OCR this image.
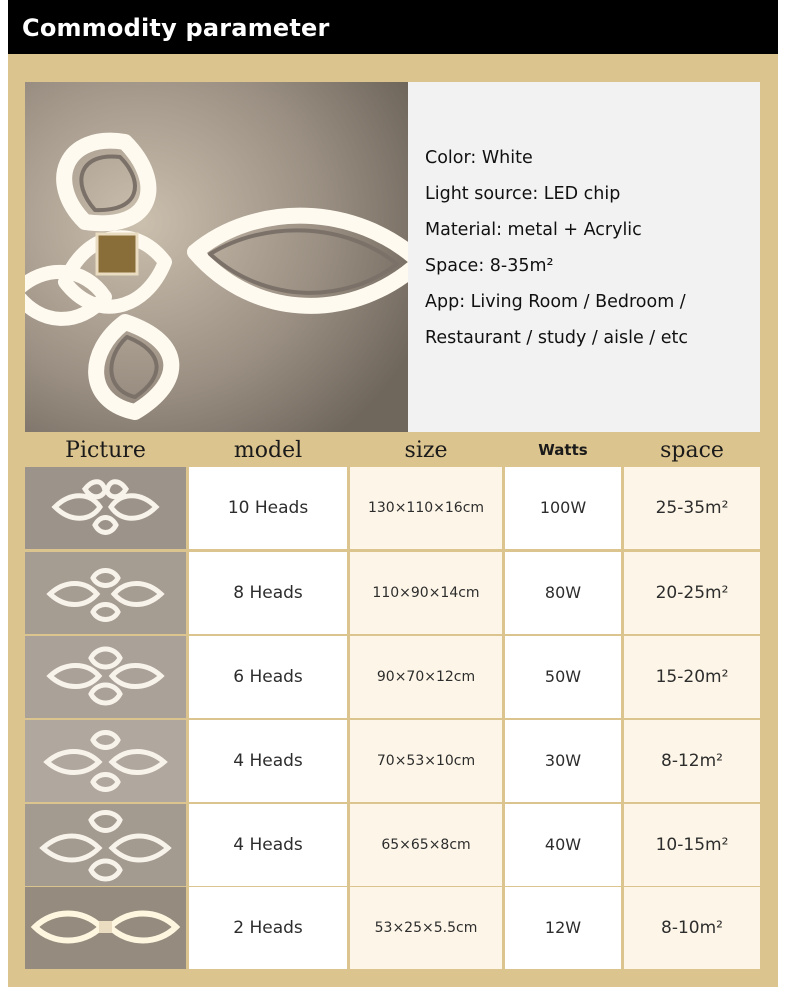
Commodity parameter
Color: White
Light source: LED chip
Material: metal + Acrylic
Space: 8-35m²
App: Living Room / Bedroom /
Restaurant / study / aisle / etc
Picture	model	size	Watts	space
10 Heads	130×110×16cm	100W	25-35m²
8 Heads	110×90×14cm	80W	20-25m²
6 Heads	90×70×12cm	50W	15-20m²
4 Heads	70×53×10cm	30W	8-12m²
4 Heads	65×65×8cm	40W	10-15m²
2 Heads	53×25×5.5cm	12W	8-10m²
